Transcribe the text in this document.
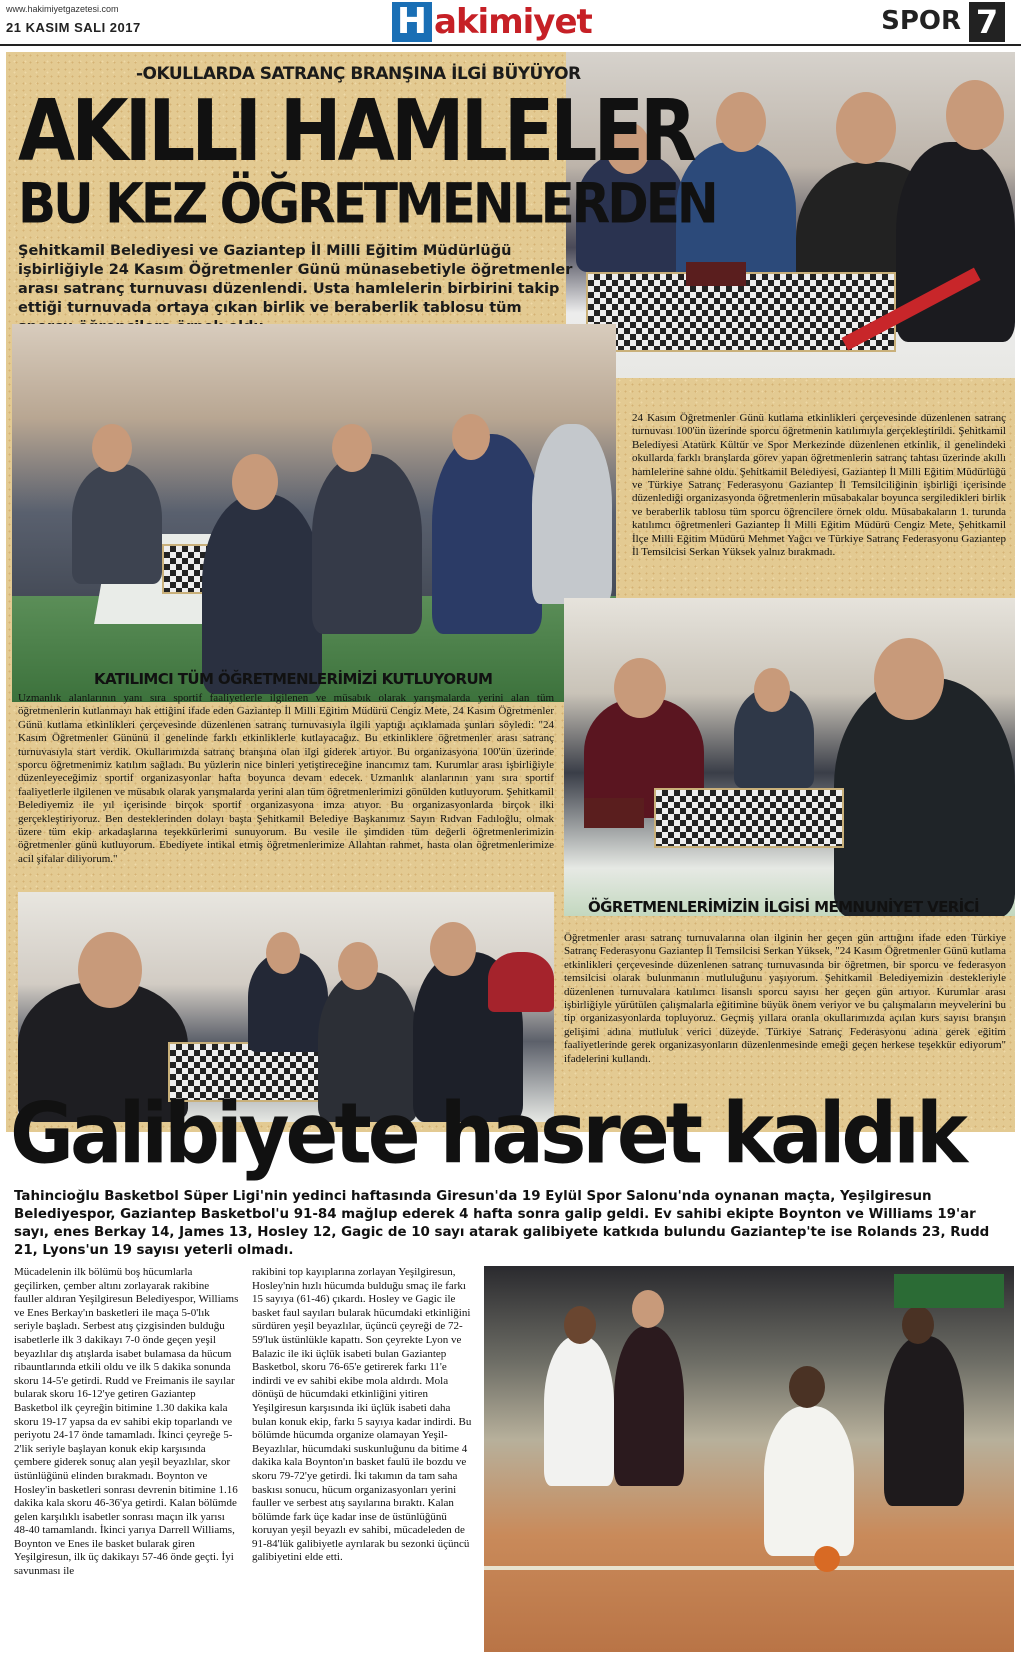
www.hakimiyetgazetesi.com
21 KASIM SALI 2017	H akimiyet	SPOR 7
-OKULLARDA SATRANÇ BRANŞINA İLGİ BÜYÜYOR
AKILLI HAMLELER
BU KEZ ÖĞRETMENLERDEN
Şehitkamil Belediyesi ve Gaziantep İl Milli Eğitim Müdürlüğü işbirliğiyle 24 Kasım Öğretmenler Günü münasebetiyle öğretmenler arası satranç turnuvası düzenlendi. Usta hamlelerin birbirini takip ettiği turnuvada ortaya çıkan birlik ve beraberlik tablosu tüm
24 Kasım Öğretmenler Günü kutlama etkinlikleri çerçevesinde düzenlenen satranç turnuvası 100'ün üzerinde sporcu öğretmenin katılımıyla gerçekleştirildi. Şehitkamil Belediyesi Atatürk Kültür ve Spor Merkezinde düzenlenen etkinlik, il genelindeki okullarda farklı branşlarda görev yapan öğretmenlerin satranç tahtası üzerinde akıllı hamlelerine sahne oldu. Şehitkamil Belediyesi, Gaziantep İl Milli Eğitim Müdürlüğü ve Türkiye Satranç Federasyonu Gaziantep İl Temsilciliğinin işbirliği içerisinde düzenlediği organizasyonda öğretmenlerin müsabakalar boyunca sergiledikleri birlik ve beraberlik tablosu tüm sporcu öğrencilere örnek oldu. Müsabakaların 1. turunda katılımcı öğretmenleri Gaziantep İl Milli Eğitim Müdürü Cengiz Mete, Şehitkamil İlçe Milli Eğitim Müdürü Mehmet Yağcı ve Türkiye Satranç Federasyonu Gaziantep İl Temsilcisi Serkan Yüksek yalnız bırakmadı.
KATILIMCI TÜM ÖĞRETMENLERİMİZİ KUTLUYORUM
Uzmanlık alanlarının yanı sıra sportif faaliyetlerle ilgilenen ve müsabık olarak yarışmalarda yerini alan tüm öğretmenlerin kutlanmayı hak ettiğini ifade eden Gaziantep İl Milli Eğitim Müdürü Cengiz Mete, 24 Kasım Öğretmenler Günü kutlama etkinlikleri çerçevesinde düzenlenen satranç turnuvasıyla ilgili yaptığı açıklamada şunları söyledi: "24 Kasım Öğretmenler Gününü il genelinde farklı etkinliklerle kutlayacağız. Bu etkinliklere öğretmenler arası satranç turnuvasıyla start verdik. Okullarımızda satranç branşına olan ilgi giderek artıyor. Bu organizasyona 100'ün üzerinde sporcu öğretmenimiz katılım sağladı. Bu yüzlerin nice binleri yetiştireceğine inancımız tam. Kurumlar arası işbirliğiyle düzenleyeceğimiz sportif organizasyonlar hafta boyunca devam edecek. Uzmanlık alanlarının yanı sıra sportif faaliyetlerle ilgilenen ve müsabık olarak yarışmalarda yerini alan tüm öğretmenlerimizi gönülden kutluyorum. Şehitkamil Belediyemiz ile yıl içerisinde birçok sportif organizasyona imza atıyor. Bu organizasyonlarda birçok ilki gerçekleştiriyoruz. Ben desteklerinden dolayı başta Şehitkamil Belediye Başkanımız Sayın Rıdvan Fadıloğlu, olmak üzere tüm ekip arkadaşlarına teşekkürlerimi sunuyorum. Bu vesile ile şimdiden tüm değerli öğretmenlerimizin öğretmenler günü kutluyorum. Ebediyete intikal etmiş öğretmenlerimize Allahtan rahmet, hasta olan öğretmenlerimize acil şifalar diliyorum."
ÖĞRETMENLERİMİZİN İLGİSİ MEMNUNİYET VERİCİ
Öğretmenler arası satranç turnuvalarına olan ilginin her geçen gün arttığını ifade eden Türkiye Satranç Federasyonu Gaziantep İl Temsilcisi Serkan Yüksek, "24 Kasım Öğretmenler Günü kutlama etkinlikleri çerçevesinde düzenlenen satranç turnuvasında bir öğretmen, bir sporcu ve federasyon temsilcisi olarak bulunmanın mutluluğunu yaşıyorum. Şehitkamil Belediyemizin destekleriyle düzenlenen turnuvalara katılımcı lisanslı sporcu sayısı her geçen gün artıyor. Kurumlar arası işbirliğiyle yürütülen çalışmalarla eğitimine büyük önem veriyor ve bu çalışmaların meyvelerini bu tip organizasyonlarda topluyoruz. Geçmiş yıllara oranla okullarımızda açılan kurs sayısı branşın gelişimi adına mutluluk verici düzeyde. Türkiye Satranç Federasyonu adına gerek eğitim faaliyetlerinde gerek organizasyonların düzenlenmesinde emeği geçen herkese teşekkür ediyorum" ifadelerini kullandı.
Galibiyete hasret kaldık
Tahincioğlu Basketbol Süper Ligi'nin yedinci haftasında Giresun'da 19 Eylül Spor Salonu'nda oynanan maçta, Yeşilgiresun Belediyespor, Gaziantep Basketbol'u 91-84 mağlup ederek 4 hafta sonra galip geldi. Ev sahibi ekipte Boynton ve Williams 19'ar sayı, enes Berkay 14, James 13, Hosley 12, Gagic de 10 sayı atarak galibiyete katkıda bulundu Gaziantep'te ise Rolands 23, Rudd 21, Lyons'un 19 sayısı yeterli olmadı.
Mücadelenin ilk bölümü boş hücumlarla geçilirken, çember altını zorlayarak rakibine fauller aldıran Yeşilgiresun Belediyespor, Williams ve Enes Berkay'ın basketleri ile maça 5-0'lık seriyle başladı. Serbest atış çizgisinden bulduğu isabetlerle ilk 3 dakikayı 7-0 önde geçen yeşil beyazlılar dış atışlarda isabet bulamasa da hücum ribauntlarında etkili oldu ve ilk 5 dakika sonunda skoru 14-5'e getirdi. Rudd ve Freimanis ile sayılar bularak skoru 16-12'ye getiren Gaziantep Basketbol ilk çeyreğin bitimine 1.30 dakika kala skoru 19-17 yapsa da ev sahibi ekip toparlandı ve periyotu 24-17 önde tamamladı. İkinci çeyreğe 5-2'lik seriyle başlayan konuk ekip karşısında çembere giderek sonuç alan yeşil beyazlılar, skor üstünlüğünü elinden bırakmadı. Boynton ve Hosley'in basketleri sonrası devrenin bitimine 1.16 dakika kala skoru 46-36'ya getirdi. Kalan bölümde gelen karşılıklı isabetler sonrası maçın ilk yarısı 48-40 tamamlandı. İkinci yarıya Darrell Williams, Boynton ve Enes ile basket bularak giren Yeşilgiresun, ilk üç dakikayı 57-46 önde geçti. İyi savunması ile
rakibini top kayıplarına zorlayan Yeşilgiresun, Hosley'nin hızlı hücumda bulduğu smaç ile farkı 15 sayıya (61-46) çıkardı. Hosley ve Gagic ile basket faul sayıları bularak hücumdaki etkinliğini sürdüren yeşil beyazlılar, üçüncü çeyreği de 72-59'luk üstünlükle kapattı. Son çeyrekte Lyon ve Balazic ile iki üçlük isabeti bulan Gaziantep Basketbol, skoru 76-65'e getirerek farkı 11'e indirdi ve ev sahibi ekibe mola aldırdı. Mola dönüşü de hücumdaki etkinliğini yitiren Yeşilgiresun karşısında iki üçlük isabeti daha bulan konuk ekip, farkı 5 sayıya kadar indirdi. Bu bölümde hücumda organize olamayan Yeşil-Beyazlılar, hücumdaki suskunluğunu da bitime 4 dakika kala Boynton'ın basket faulü ile bozdu ve skoru 79-72'ye getirdi. İki takımın da tam saha baskısı sonucu, hücum organizasyonları yerini fauller ve serbest atış sayılarına bıraktı. Kalan bölümde fark üçe kadar inse de üstünlüğünü koruyan yeşil beyazlı ev sahibi, mücadeleden de 91-84'lük galibiyetle ayrılarak bu sezonki üçüncü galibiyetini elde etti.
